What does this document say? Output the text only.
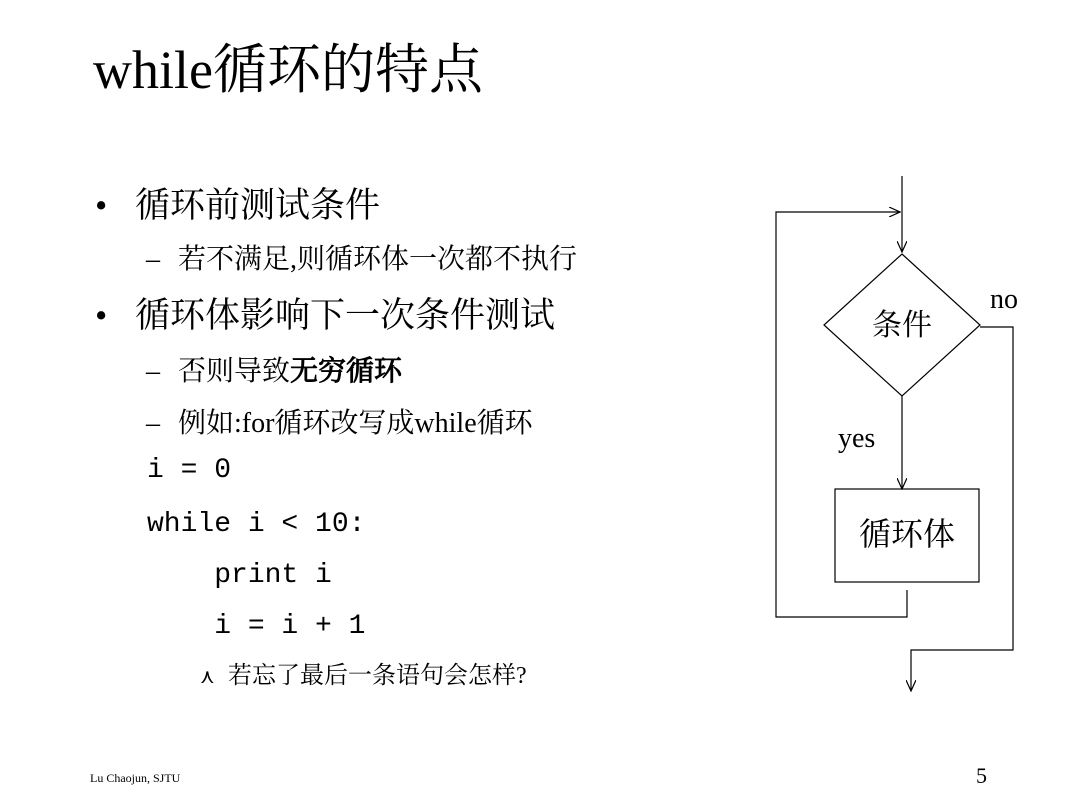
while循环的特点
• 循环前测试条件
– 若不满足,则循环体一次都不执行
• 循环体影响下一次条件测试
– 否则导致无穷循环
– 例如:for循环改写成while循环
i = 0
while i < 10:
print i
i = i + 1
⋏ 若忘了最后一条语句会怎样?
条件
循环体
yes
no
Lu Chaojun, SJTU	5
